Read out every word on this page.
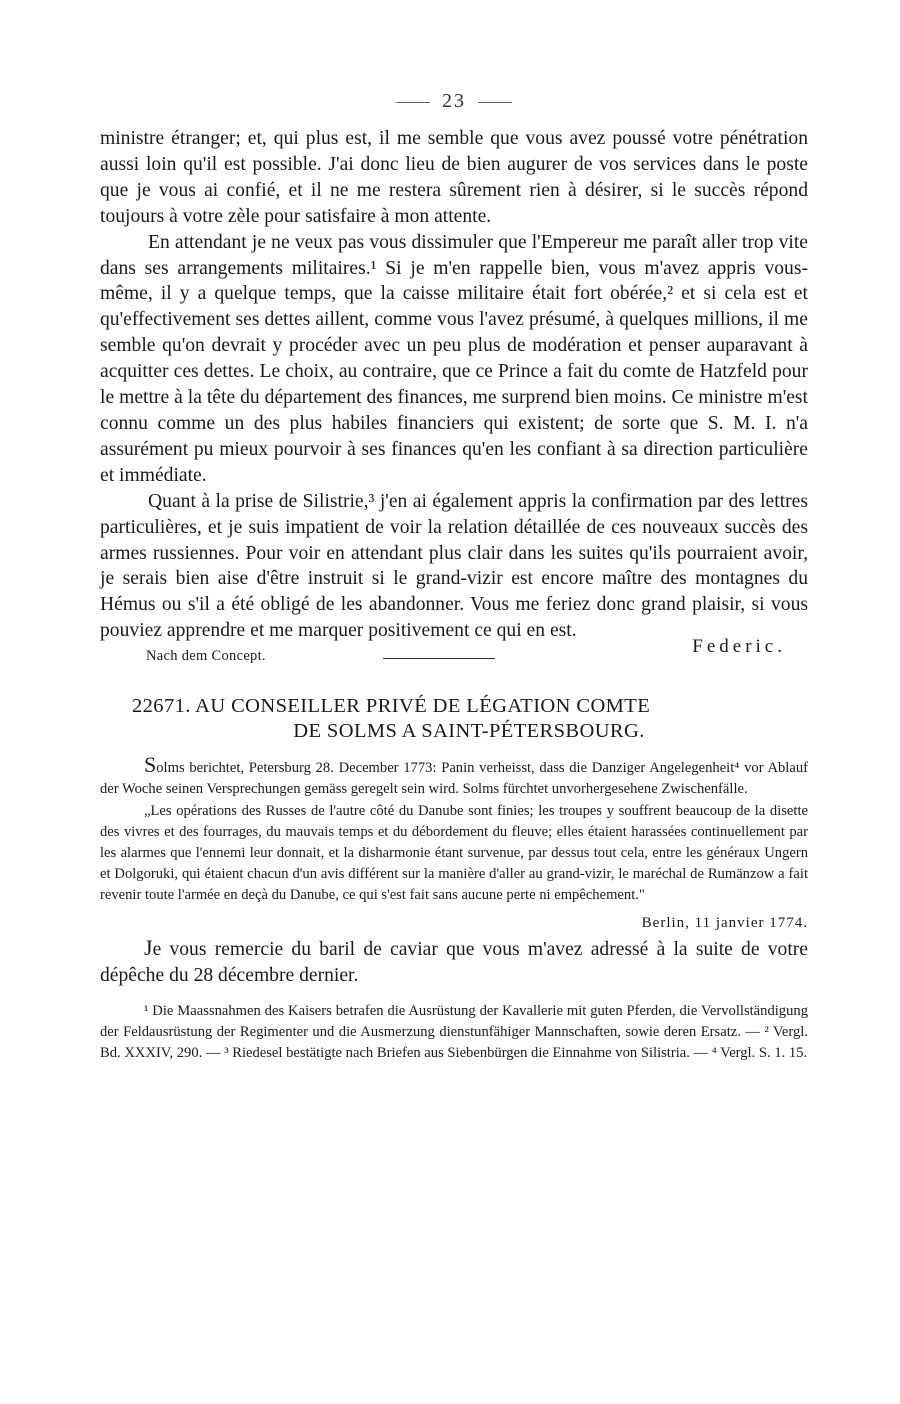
23

ministre étranger; et, qui plus est, il me semble que vous avez poussé votre pénétration aussi loin qu'il est possible. J'ai donc lieu de bien augurer de vos services dans le poste que je vous ai confié, et il ne me restera sûrement rien à désirer, si le succès répond toujours à votre zèle pour satisfaire à mon attente.

En attendant je ne veux pas vous dissimuler que l'Empereur me paraît aller trop vite dans ses arrangements militaires.¹ Si je m'en rappelle bien, vous m'avez appris vous-même, il y a quelque temps, que la caisse militaire était fort obérée,² et si cela est et qu'effectivement ses dettes aillent, comme vous l'avez présumé, à quelques millions, il me semble qu'on devrait y procéder avec un peu plus de modération et penser auparavant à acquitter ces dettes. Le choix, au contraire, que ce Prince a fait du comte de Hatzfeld pour le mettre à la tête du département des finances, me surprend bien moins. Ce ministre m'est connu comme un des plus habiles financiers qui existent; de sorte que S. M. I. n'a assurément pu mieux pourvoir à ses finances qu'en les confiant à sa direction particulière et immédiate.

Quant à la prise de Silistrie,³ j'en ai également appris la confirmation par des lettres particulières, et je suis impatient de voir la relation détaillée de ces nouveaux succès des armes russiennes. Pour voir en attendant plus clair dans les suites qu'ils pourraient avoir, je serais bien aise d'être instruit si le grand-vizir est encore maître des montagnes du Hémus ou s'il a été obligé de les abandonner. Vous me feriez donc grand plaisir, si vous pouviez apprendre et me marquer positivement ce qui en est.

Nach dem Concept.	Federic.
22671. AU CONSEILLER PRIVÉ DE LÉGATION COMTE
DE SOLMS A SAINT-PÉTERSBOURG.

Solms berichtet, Petersburg 28. December 1773: Panin verheisst, dass die Danziger Angelegenheit⁴ vor Ablauf der Woche seinen Versprechungen gemäss geregelt sein wird. Solms fürchtet unvorhergesehene Zwischenfälle.

„Les opérations des Russes de l'autre côté du Danube sont finies; les troupes y souffrent beaucoup de la disette des vivres et des fourrages, du mauvais temps et du débordement du fleuve; elles étaient harassées continuellement par les alarmes que l'ennemi leur donnait, et la disharmonie étant survenue, par dessus tout cela, entre les généraux Ungern et Dolgoruki, qui étaient chacun d'un avis différent sur la manière d'aller au grand-vizir, le maréchal de Rumänzow a fait revenir toute l'armée en deçà du Danube, ce qui s'est fait sans aucune perte ni empêchement."

Berlin, 11 janvier 1774.

Je vous remercie du baril de caviar que vous m'avez adressé à la suite de votre dépêche du 28 décembre dernier.

¹ Die Maassnahmen des Kaisers betrafen die Ausrüstung der Kavallerie mit guten Pferden, die Vervollständigung der Feldausrüstung der Regimenter und die Ausmerzung dienstunfähiger Mannschaften, sowie deren Ersatz. — ² Vergl. Bd. XXXIV, 290. — ³ Riedesel bestätigte nach Briefen aus Siebenbürgen die Einnahme von Silistria. — ⁴ Vergl. S. 1. 15.
